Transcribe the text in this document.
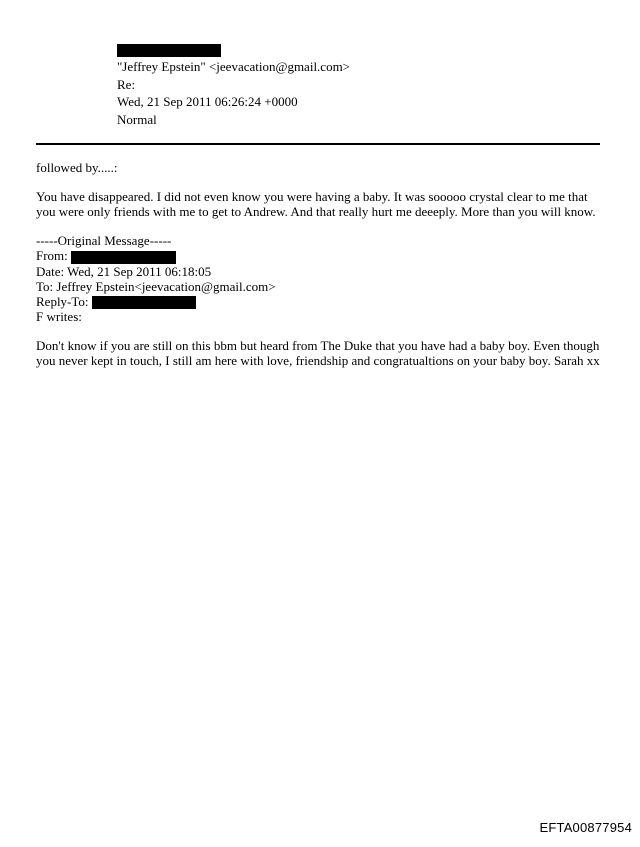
"Jeffrey Epstein" <jeevacation@gmail.com>
Re:
Wed, 21 Sep 2011 06:26:24 +0000
Normal

followed by.....:

You have disappeared. I did not even know you were having a baby. It was sooooo crystal clear to me that you were only friends with me to get to Andrew. And that really hurt me deeeply. More than you will know.

-----Original Message-----
From:
Date: Wed, 21 Sep 2011 06:18:05
To: Jeffrey Epstein<jeevacation@gmail.com>
Reply-To:
F writes:

Don't know if you are still on this bbm but heard from The Duke that you have had a baby boy. Even though you never kept in touch, I still am here with love, friendship and congratualtions on your baby boy. Sarah xx

EFTA00877954
